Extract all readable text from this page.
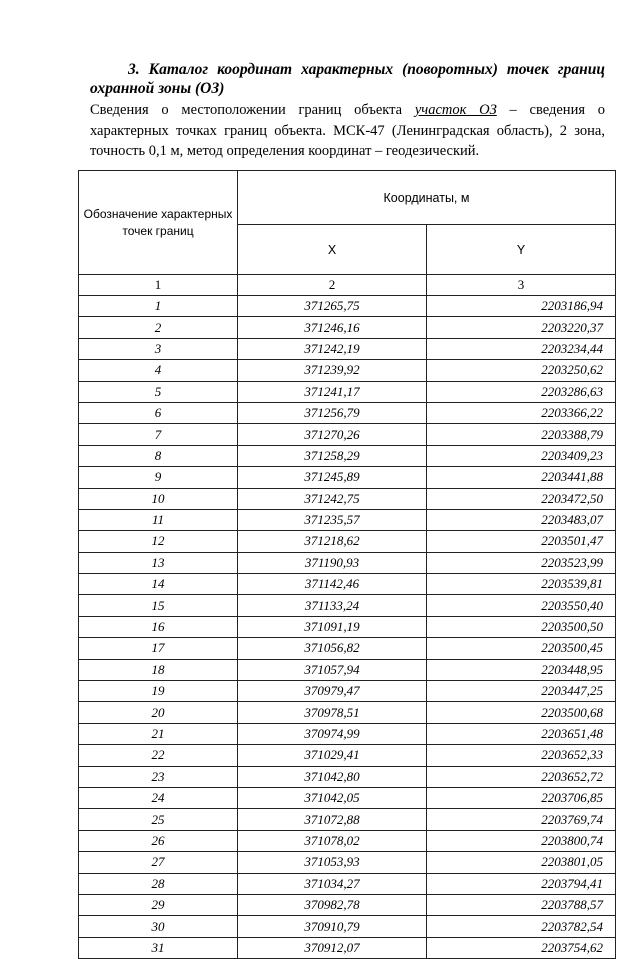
3. Каталог координат характерных (поворотных) точек границ охранной зоны (ОЗ)
Сведения о местоположении границ объекта участок ОЗ – сведения о характерных точках границ объекта. МСК-47 (Ленинградская область), 2 зона, точность 0,1 м, метод определения координат – геодезический.
Обозначение характерных точек границ	Координаты, м	
	X	Y
1	2	3
1	371265,75	2203186,94
2	371246,16	2203220,37
3	371242,19	2203234,44
4	371239,92	2203250,62
5	371241,17	2203286,63
6	371256,79	2203366,22
7	371270,26	2203388,79
8	371258,29	2203409,23
9	371245,89	2203441,88
10	371242,75	2203472,50
11	371235,57	2203483,07
12	371218,62	2203501,47
13	371190,93	2203523,99
14	371142,46	2203539,81
15	371133,24	2203550,40
16	371091,19	2203500,50
17	371056,82	2203500,45
18	371057,94	2203448,95
19	370979,47	2203447,25
20	370978,51	2203500,68
21	370974,99	2203651,48
22	371029,41	2203652,33
23	371042,80	2203652,72
24	371042,05	2203706,85
25	371072,88	2203769,74
26	371078,02	2203800,74
27	371053,93	2203801,05
28	371034,27	2203794,41
29	370982,78	2203788,57
30	370910,79	2203782,54
31	370912,07	2203754,62
